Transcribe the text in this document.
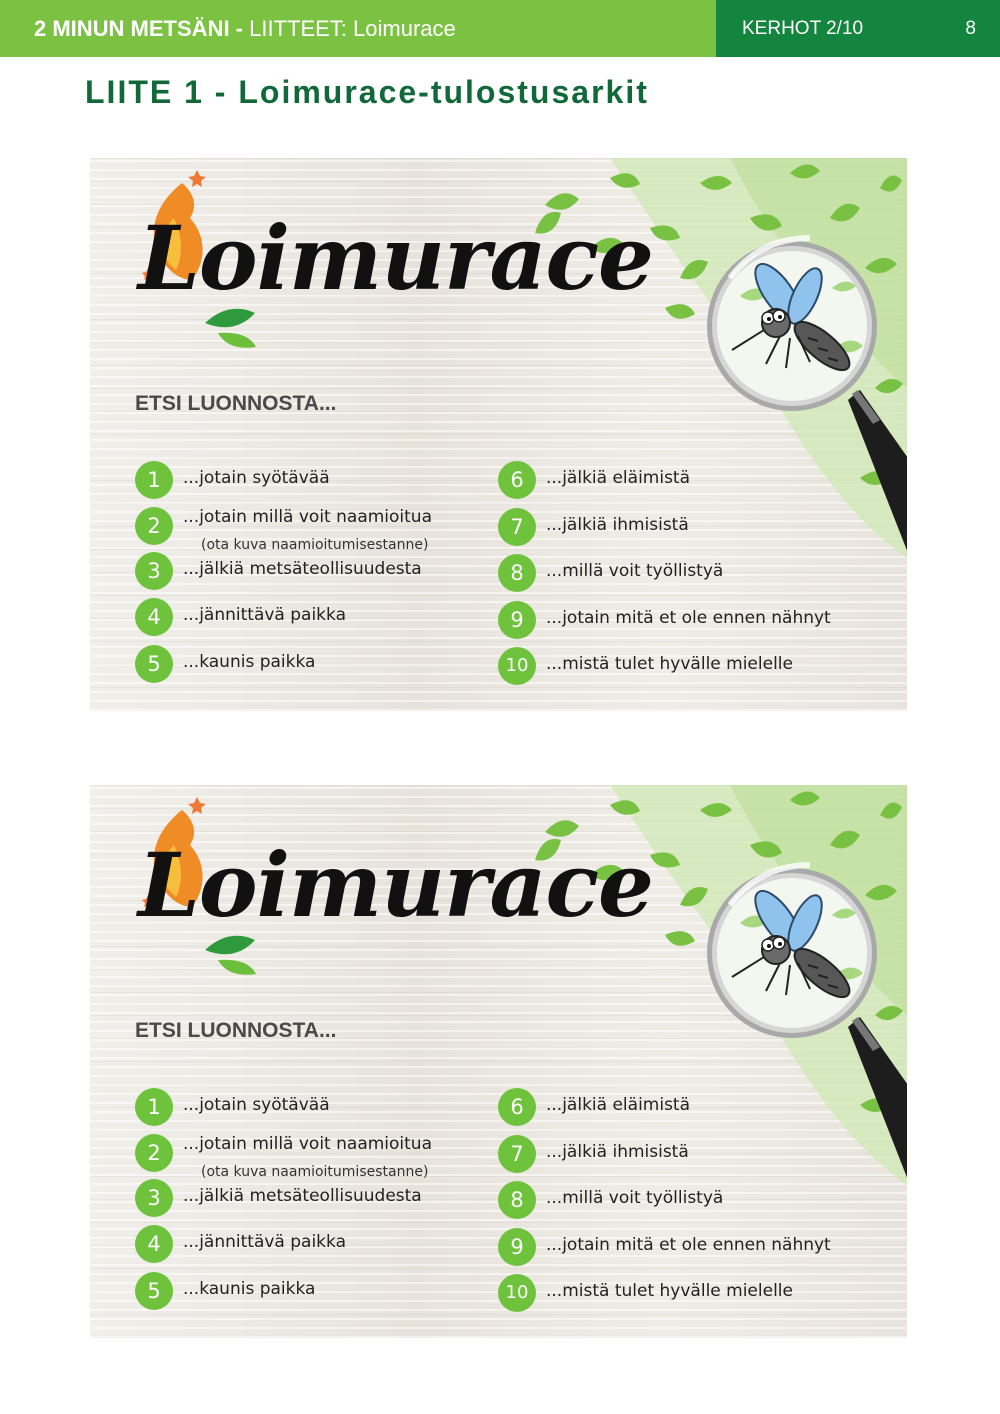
2 MINUN METSÄNI - LIITTEET: Loimurace	KERHOT 2/10	8
LIITE 1 - Loimurace-tulostusarkit
Loimurace
ETSI LUONNOSTA...
1	...jotain syötävää
2	...jotain millä voit naamioitua
(ota kuva naamioitumisestanne)
3	...jälkiä metsäteollisuudesta
4	...jännittävä paikka
5	...kaunis paikka
6	...jälkiä eläimistä
7	...jälkiä ihmisistä
8	...millä voit työllistyä
9	...jotain mitä et ole ennen nähnyt
10	...mistä tulet hyvälle mielelle
Loimurace
ETSI LUONNOSTA...
1	...jotain syötävää
2	...jotain millä voit naamioitua
(ota kuva naamioitumisestanne)
3	...jälkiä metsäteollisuudesta
4	...jännittävä paikka
5	...kaunis paikka
6	...jälkiä eläimistä
7	...jälkiä ihmisistä
8	...millä voit työllistyä
9	...jotain mitä et ole ennen nähnyt
10	...mistä tulet hyvälle mielelle
